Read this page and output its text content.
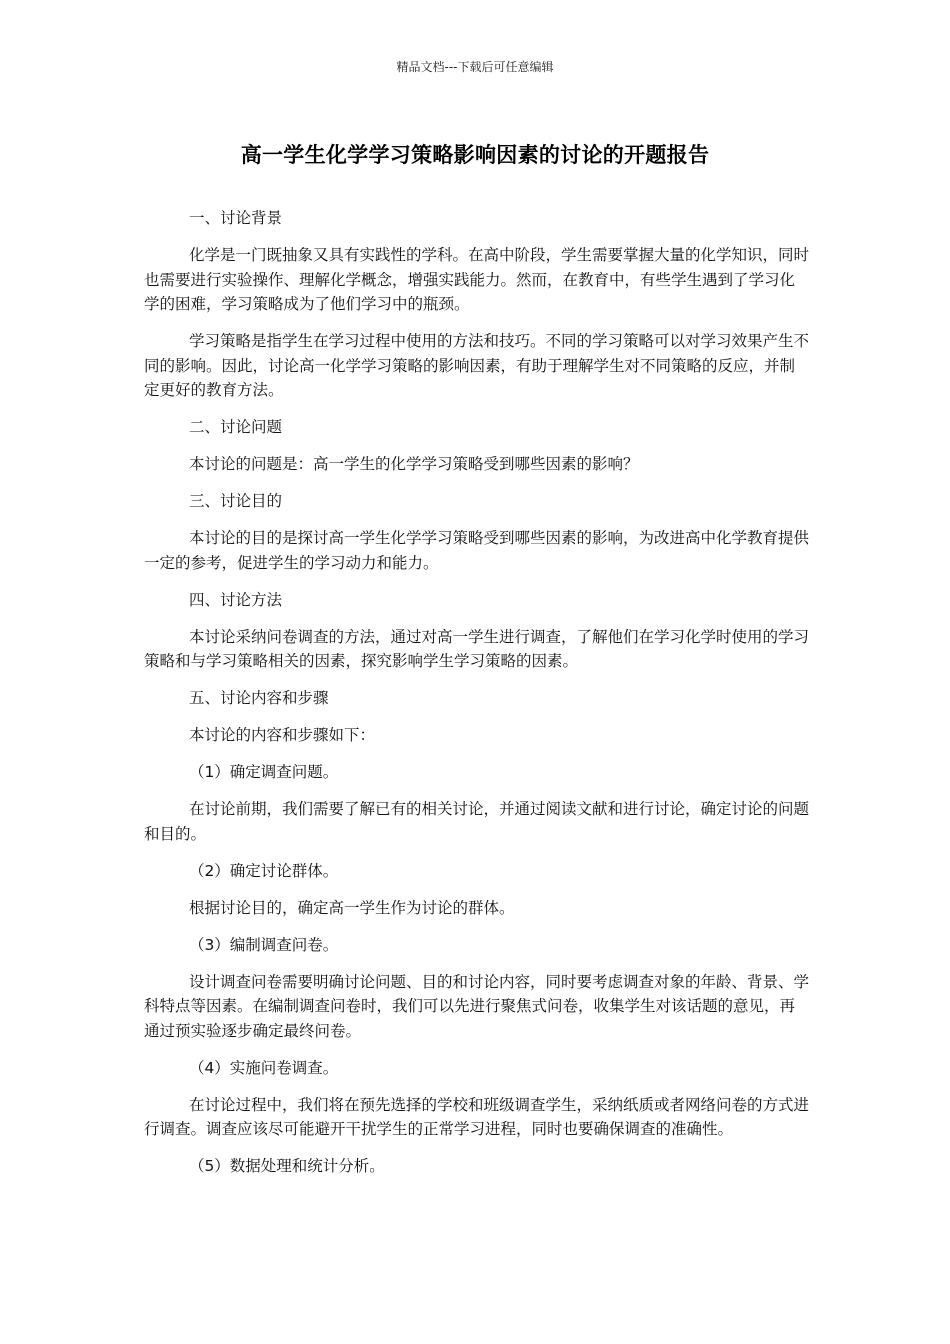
精品文档---下载后可任意编辑
高一学生化学学习策略影响因素的讨论的开题报告

一、讨论背景

化学是一门既抽象又具有实践性的学科。在高中阶段，学生需要掌握大量的化学知识，同时也需要进行实验操作、理解化学概念，增强实践能力。然而，在教育中，有些学生遇到了学习化学的困难，学习策略成为了他们学习中的瓶颈。

学习策略是指学生在学习过程中使用的方法和技巧。不同的学习策略可以对学习效果产生不同的影响。因此，讨论高一化学学习策略的影响因素，有助于理解学生对不同策略的反应，并制定更好的教育方法。

二、讨论问题

本讨论的问题是：高一学生的化学学习策略受到哪些因素的影响？

三、讨论目的

本讨论的目的是探讨高一学生化学学习策略受到哪些因素的影响，为改进高中化学教育提供一定的参考，促进学生的学习动力和能力。

四、讨论方法

本讨论采纳问卷调查的方法，通过对高一学生进行调查，了解他们在学习化学时使用的学习策略和与学习策略相关的因素，探究影响学生学习策略的因素。

五、讨论内容和步骤

本讨论的内容和步骤如下：

（1）确定调查问题。

在讨论前期，我们需要了解已有的相关讨论，并通过阅读文献和进行讨论，确定讨论的问题和目的。

（2）确定讨论群体。

根据讨论目的，确定高一学生作为讨论的群体。

（3）编制调查问卷。

设计调查问卷需要明确讨论问题、目的和讨论内容，同时要考虑调查对象的年龄、背景、学科特点等因素。在编制调查问卷时，我们可以先进行聚焦式问卷，收集学生对该话题的意见，再通过预实验逐步确定最终问卷。

（4）实施问卷调查。

在讨论过程中，我们将在预先选择的学校和班级调查学生，采纳纸质或者网络问卷的方式进行调查。调查应该尽可能避开干扰学生的正常学习进程，同时也要确保调查的准确性。

（5）数据处理和统计分析。
